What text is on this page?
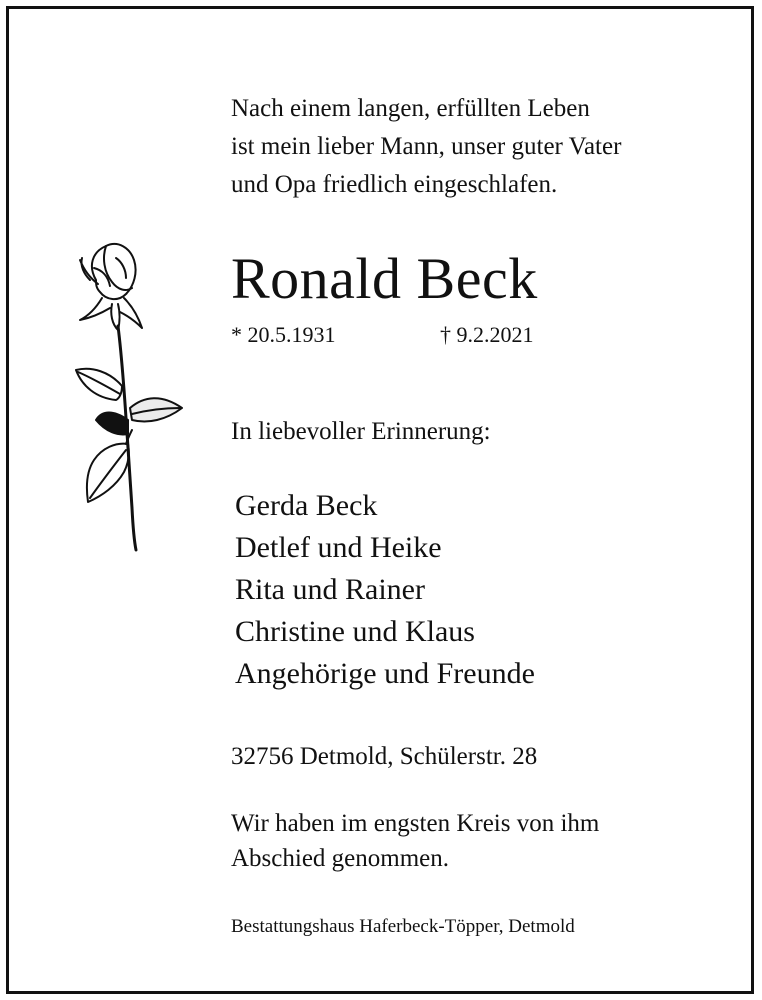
Nach einem langen, erfüllten Leben
ist mein lieber Mann, unser guter Vater
und Opa friedlich eingeschlafen.
Ronald Beck
* 20.5.1931	† 9.2.2021
In liebevoller Erinnerung:
Gerda Beck
Detlef und Heike
Rita und Rainer
Christine und Klaus
Angehörige und Freunde
32756 Detmold, Schülerstr. 28
Wir haben im engsten Kreis von ihm
Abschied genommen.
Bestattungshaus Haferbeck-Töpper, Detmold
